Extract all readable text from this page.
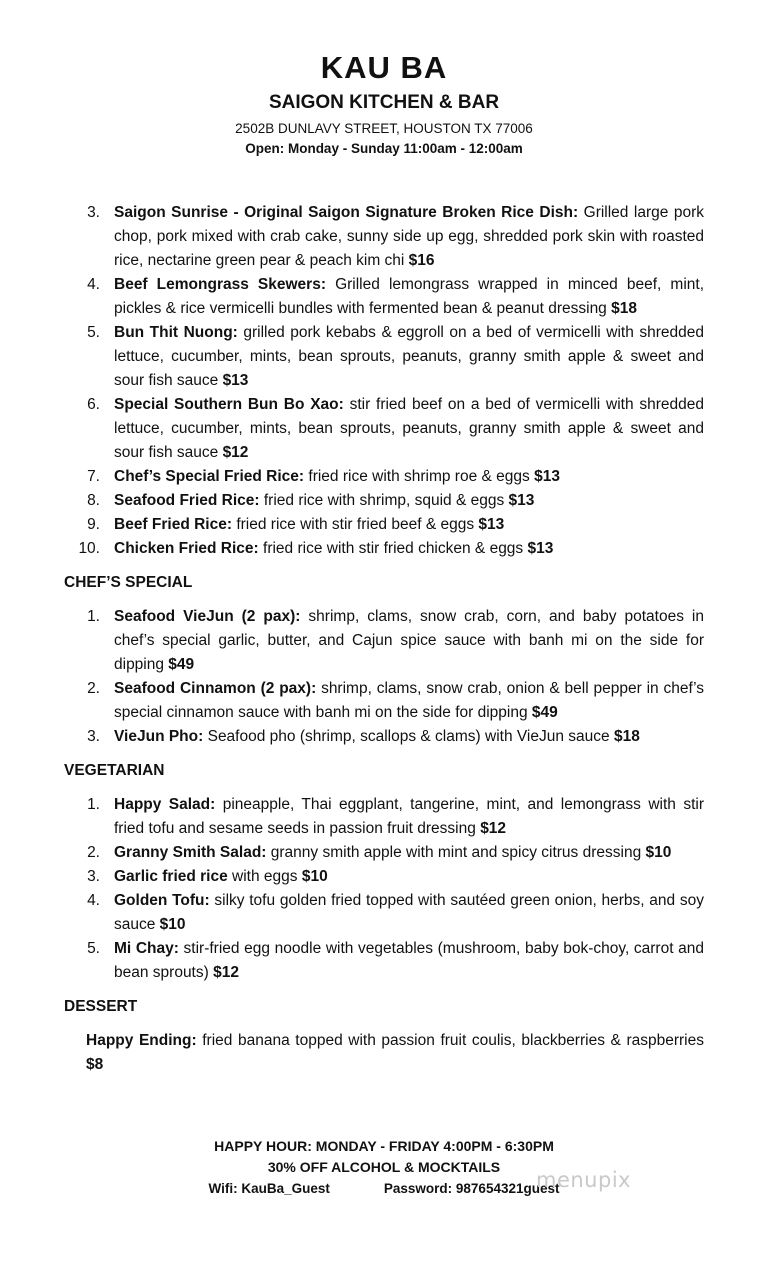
KAU BA
SAIGON KITCHEN & BAR
2502B DUNLAVY STREET, HOUSTON TX 77006
Open: Monday - Sunday 11:00am - 12:00am
3. Saigon Sunrise - Original Saigon Signature Broken Rice Dish: Grilled large pork chop, pork mixed with crab cake, sunny side up egg, shredded pork skin with roasted rice, nectarine green pear & peach kim chi $16
4. Beef Lemongrass Skewers: Grilled lemongrass wrapped in minced beef, mint, pickles & rice vermicelli bundles with fermented bean & peanut dressing $18
5. Bun Thit Nuong: grilled pork kebabs & eggroll on a bed of vermicelli with shredded lettuce, cucumber, mints, bean sprouts, peanuts, granny smith apple & sweet and sour fish sauce $13
6. Special Southern Bun Bo Xao: stir fried beef on a bed of vermicelli with shredded lettuce, cucumber, mints, bean sprouts, peanuts, granny smith apple & sweet and sour fish sauce $12
7. Chef’s Special Fried Rice: fried rice with shrimp roe & eggs $13
8. Seafood Fried Rice: fried rice with shrimp, squid & eggs $13
9. Beef Fried Rice: fried rice with stir fried beef & eggs $13
10. Chicken Fried Rice: fried rice with stir fried chicken & eggs $13
CHEF’S SPECIAL
1. Seafood VieJun (2 pax): shrimp, clams, snow crab, corn, and baby potatoes in chef’s special garlic, butter, and Cajun spice sauce with banh mi on the side for dipping $49
2. Seafood Cinnamon (2 pax): shrimp, clams, snow crab, onion & bell pepper in chef’s special cinnamon sauce with banh mi on the side for dipping $49
3. VieJun Pho: Seafood pho (shrimp, scallops & clams) with VieJun sauce $18
VEGETARIAN
1. Happy Salad: pineapple, Thai eggplant, tangerine, mint, and lemongrass with stir fried tofu and sesame seeds in passion fruit dressing $12
2. Granny Smith Salad: granny smith apple with mint and spicy citrus dressing $10
3. Garlic fried rice with eggs $10
4. Golden Tofu: silky tofu golden fried topped with sautéed green onion, herbs, and soy sauce $10
5. Mi Chay: stir-fried egg noodle with vegetables (mushroom, baby bok-choy, carrot and bean sprouts) $12
DESSERT
Happy Ending: fried banana topped with passion fruit coulis, blackberries & raspberries $8
HAPPY HOUR: MONDAY - FRIDAY 4:00PM - 6:30PM
30% OFF ALCOHOL & MOCKTAILS
Wifi: KauBa_Guest	Password: 987654321guest
menupix
